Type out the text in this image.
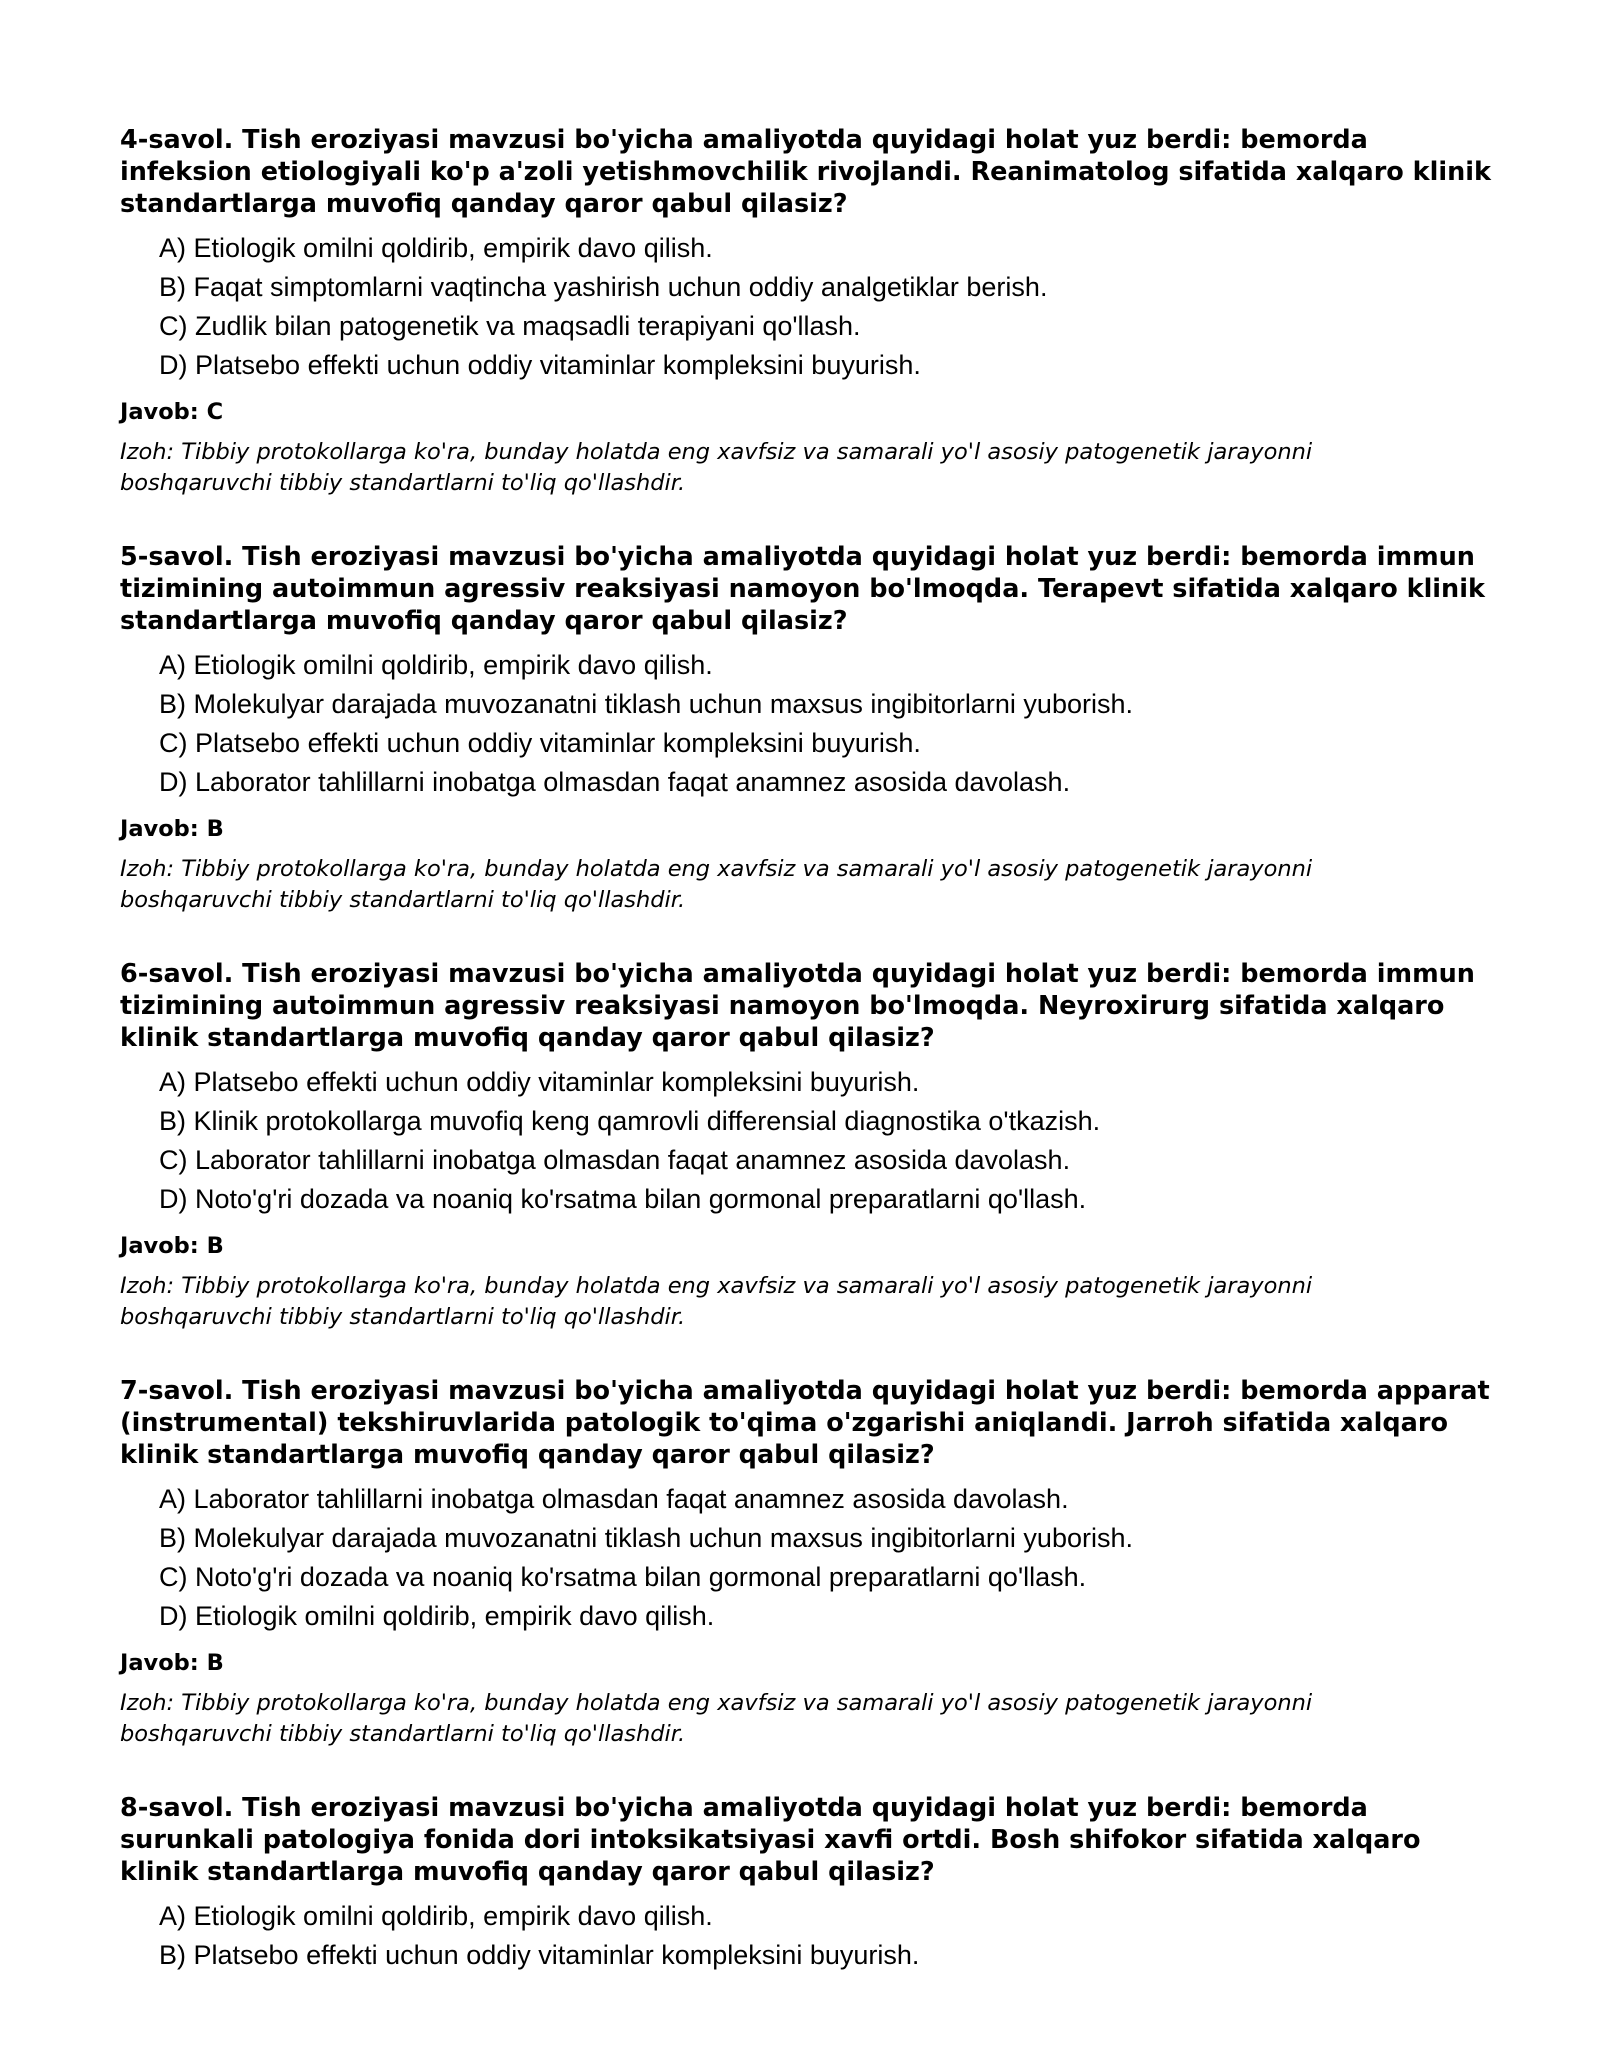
4-savol. Tish eroziyasi mavzusi bo'yicha amaliyotda quyidagi holat yuz berdi: bemorda infeksion etiologiyali ko'p a'zoli yetishmovchilik rivojlandi. Reanimatolog sifatida xalqaro klinik standartlarga muvofiq qanday qaror qabul qilasiz?
A) Etiologik omilni qoldirib, empirik davo qilish.
B) Faqat simptomlarni vaqtincha yashirish uchun oddiy analgetiklar berish.
C) Zudlik bilan patogenetik va maqsadli terapiyani qo'llash.
D) Platsebo effekti uchun oddiy vitaminlar kompleksini buyurish.
Javob: C
Izoh: Tibbiy protokollarga ko'ra, bunday holatda eng xavfsiz va samarali yo'l asosiy patogenetik jarayonni boshqaruvchi tibbiy standartlarni to'liq qo'llashdir.
5-savol. Tish eroziyasi mavzusi bo'yicha amaliyotda quyidagi holat yuz berdi: bemorda immun tizimining autoimmun agressiv reaksiyasi namoyon bo'lmoqda. Terapevt sifatida xalqaro klinik standartlarga muvofiq qanday qaror qabul qilasiz?
A) Etiologik omilni qoldirib, empirik davo qilish.
B) Molekulyar darajada muvozanatni tiklash uchun maxsus ingibitorlarni yuborish.
C) Platsebo effekti uchun oddiy vitaminlar kompleksini buyurish.
D) Laborator tahlillarni inobatga olmasdan faqat anamnez asosida davolash.
Javob: B
Izoh: Tibbiy protokollarga ko'ra, bunday holatda eng xavfsiz va samarali yo'l asosiy patogenetik jarayonni boshqaruvchi tibbiy standartlarni to'liq qo'llashdir.
6-savol. Tish eroziyasi mavzusi bo'yicha amaliyotda quyidagi holat yuz berdi: bemorda immun tizimining autoimmun agressiv reaksiyasi namoyon bo'lmoqda. Neyroxirurg sifatida xalqaro klinik standartlarga muvofiq qanday qaror qabul qilasiz?
A) Platsebo effekti uchun oddiy vitaminlar kompleksini buyurish.
B) Klinik protokollarga muvofiq keng qamrovli differensial diagnostika o'tkazish.
C) Laborator tahlillarni inobatga olmasdan faqat anamnez asosida davolash.
D) Noto'g'ri dozada va noaniq ko'rsatma bilan gormonal preparatlarni qo'llash.
Javob: B
Izoh: Tibbiy protokollarga ko'ra, bunday holatda eng xavfsiz va samarali yo'l asosiy patogenetik jarayonni boshqaruvchi tibbiy standartlarni to'liq qo'llashdir.
7-savol. Tish eroziyasi mavzusi bo'yicha amaliyotda quyidagi holat yuz berdi: bemorda apparat (instrumental) tekshiruvlarida patologik to'qima o'zgarishi aniqlandi. Jarroh sifatida xalqaro klinik standartlarga muvofiq qanday qaror qabul qilasiz?
A) Laborator tahlillarni inobatga olmasdan faqat anamnez asosida davolash.
B) Molekulyar darajada muvozanatni tiklash uchun maxsus ingibitorlarni yuborish.
C) Noto'g'ri dozada va noaniq ko'rsatma bilan gormonal preparatlarni qo'llash.
D) Etiologik omilni qoldirib, empirik davo qilish.
Javob: B
Izoh: Tibbiy protokollarga ko'ra, bunday holatda eng xavfsiz va samarali yo'l asosiy patogenetik jarayonni boshqaruvchi tibbiy standartlarni to'liq qo'llashdir.
8-savol. Tish eroziyasi mavzusi bo'yicha amaliyotda quyidagi holat yuz berdi: bemorda surunkali patologiya fonida dori intoksikatsiyasi xavfi ortdi. Bosh shifokor sifatida xalqaro klinik standartlarga muvofiq qanday qaror qabul qilasiz?
A) Etiologik omilni qoldirib, empirik davo qilish.
B) Platsebo effekti uchun oddiy vitaminlar kompleksini buyurish.
